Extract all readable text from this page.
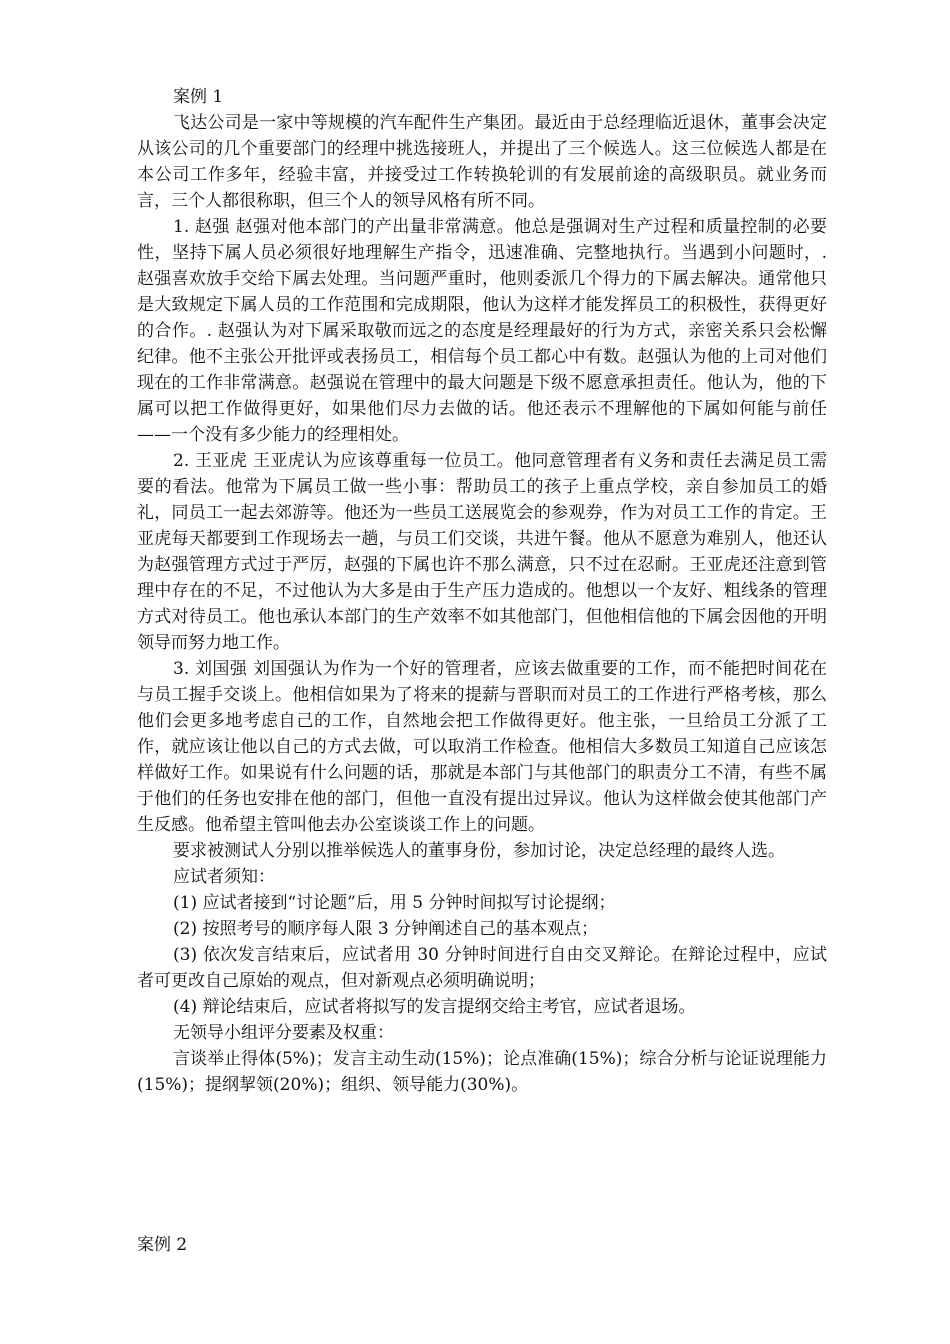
案例 1

飞达公司是一家中等规模的汽车配件生产集团。最近由于总经理临近退休，董事会决定从该公司的几个重要部门的经理中挑选接班人，并提出了三个候选人。这三位候选人都是在本公司工作多年，经验丰富，并接受过工作转换轮训的有发展前途的高级职员。就业务而言，三个人都很称职，但三个人的领导风格有所不同。

1. 赵强 赵强对他本部门的产出量非常满意。他总是强调对生产过程和质量控制的必要性，坚持下属人员必须很好地理解生产指令，迅速准确、完整地执行。当遇到小问题时，. 赵强喜欢放手交给下属去处理。当问题严重时，他则委派几个得力的下属去解决。通常他只是大致规定下属人员的工作范围和完成期限，他认为这样才能发挥员工的积极性，获得更好的合作。. 赵强认为对下属采取敬而远之的态度是经理最好的行为方式，亲密关系只会松懈纪律。他不主张公开批评或表扬员工，相信每个员工都心中有数。赵强认为他的上司对他们现在的工作非常满意。赵强说在管理中的最大问题是下级不愿意承担责任。他认为，他的下属可以把工作做得更好，如果他们尽力去做的话。他还表示不理解他的下属如何能与前任——一个没有多少能力的经理相处。

2. 王亚虎 王亚虎认为应该尊重每一位员工。他同意管理者有义务和责任去满足员工需要的看法。他常为下属员工做一些小事：帮助员工的孩子上重点学校，亲自参加员工的婚礼，同员工一起去郊游等。他还为一些员工送展览会的参观券，作为对员工工作的肯定。王亚虎每天都要到工作现场去一趟，与员工们交谈，共进午餐。他从不愿意为难别人，他还认为赵强管理方式过于严厉，赵强的下属也许不那么满意，只不过在忍耐。王亚虎还注意到管理中存在的不足，不过他认为大多是由于生产压力造成的。他想以一个友好、粗线条的管理方式对待员工。他也承认本部门的生产效率不如其他部门，但他相信他的下属会因他的开明领导而努力地工作。

3. 刘国强 刘国强认为作为一个好的管理者，应该去做重要的工作，而不能把时间花在与员工握手交谈上。他相信如果为了将来的提薪与晋职而对员工的工作进行严格考核，那么他们会更多地考虑自己的工作，自然地会把工作做得更好。他主张，一旦给员工分派了工作，就应该让他以自己的方式去做，可以取消工作检查。他相信大多数员工知道自己应该怎样做好工作。如果说有什么问题的话，那就是本部门与其他部门的职责分工不清，有些不属于他们的任务也安排在他的部门，但他一直没有提出过异议。他认为这样做会使其他部门产生反感。他希望主管叫他去办公室谈谈工作上的问题。

要求被测试人分别以推举候选人的董事身份，参加讨论，决定总经理的最终人选。

应试者须知：

(1) 应试者接到“讨论题”后，用 5 分钟时间拟写讨论提纲；

(2) 按照考号的顺序每人限 3 分钟阐述自己的基本观点；

(3) 依次发言结束后，应试者用 30 分钟时间进行自由交叉辩论。在辩论过程中，应试者可更改自己原始的观点，但对新观点必须明确说明；

(4) 辩论结束后，应试者将拟写的发言提纲交给主考官，应试者退场。

无领导小组评分要素及权重：

言谈举止得体(5%)；发言主动生动(15%)；论点准确(15%)；综合分析与论证说理能力(15%)；提纲挈领(20%)；组织、领导能力(30%)。

案例 2
